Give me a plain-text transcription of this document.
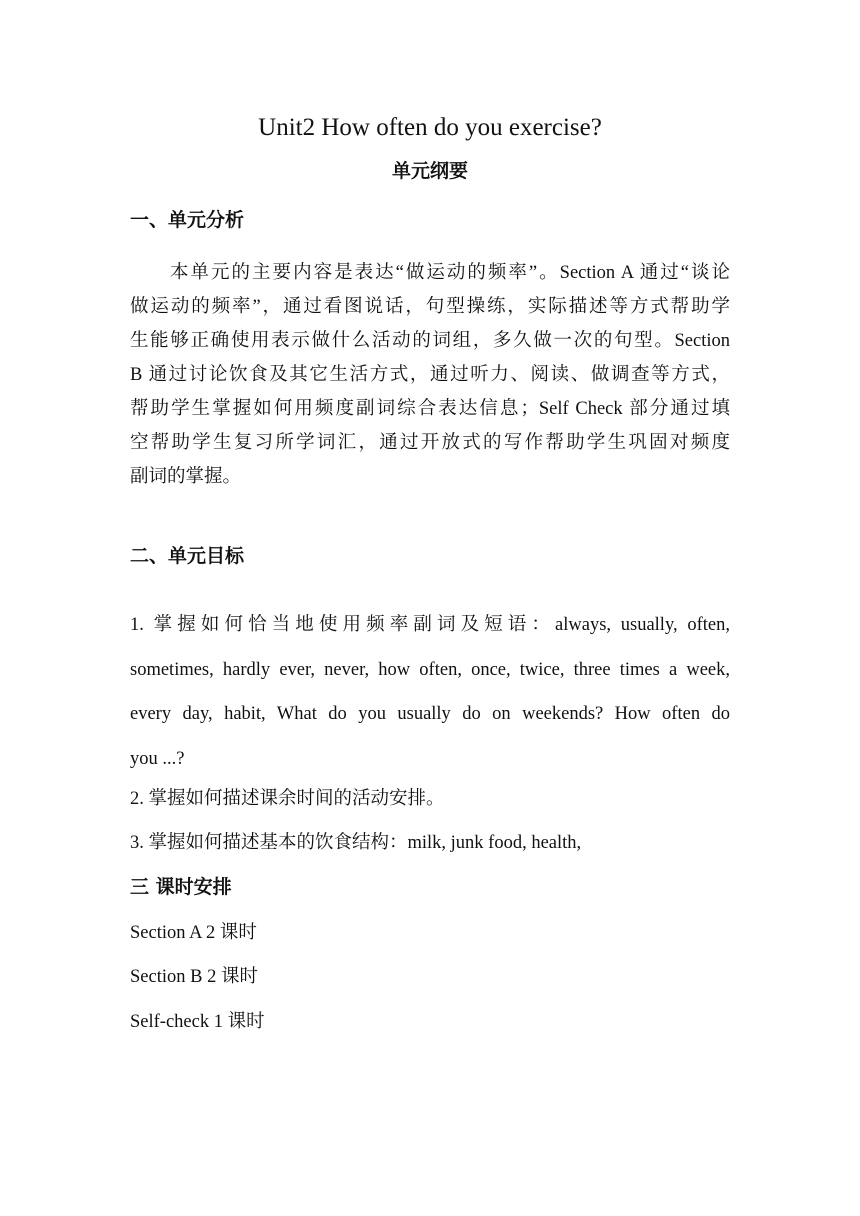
Unit2 How often do you exercise?
单元纲要
一、单元分析
本单元的主要内容是表达“做运动的频率”。Section A 通过“谈论
做运动的频率”，通过看图说话，句型操练，实际描述等方式帮助学
生能够正确使用表示做什么活动的词组，多久做一次的句型。Section
B 通过讨论饮食及其它生活方式，通过听力、阅读、做调查等方式，
帮助学生掌握如何用频度副词综合表达信息；Self Check 部分通过填
空帮助学生复习所学词汇，通过开放式的写作帮助学生巩固对频度
副词的掌握。
二、单元目标
1. 掌握如何恰当地使用频率副词及短语：always, usually, often,
sometimes, hardly ever, never, how often, once, twice, three times a week,
every day, habit, What do you usually do on weekends? How often do
you ...?
2. 掌握如何描述课余时间的活动安排。
3. 掌握如何描述基本的饮食结构：milk, junk food, health,
三 课时安排
Section A 2 课时
Section B 2 课时
Self-check 1 课时
